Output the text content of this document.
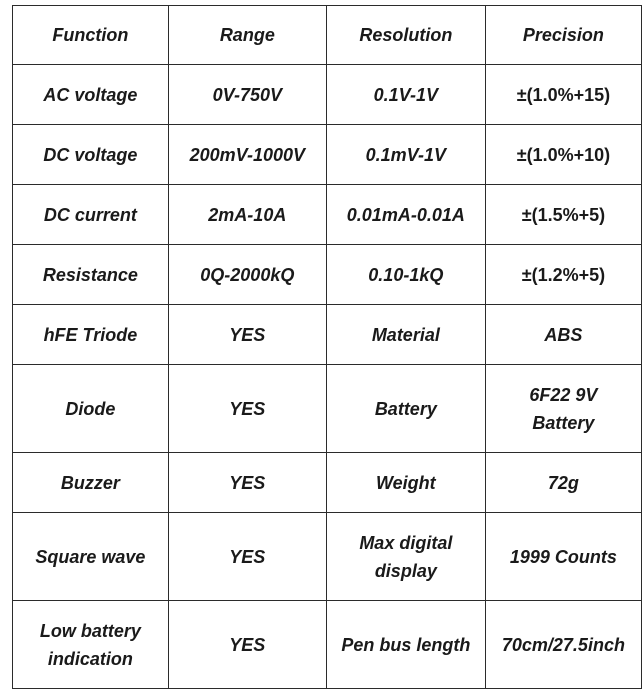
Function	Range	Resolution	Precision
AC voltage	0V-750V	0.1V-1V	±(1.0%+15)
DC voltage	200mV-1000V	0.1mV-1V	±(1.0%+10)
DC current	2mA-10A	0.01mA-0.01A	±(1.5%+5)
Resistance	0Q-2000kQ	0.10-1kQ	±(1.2%+5)
hFE Triode	YES	Material	ABS
Diode	YES	Battery	6F22 9V Battery
Buzzer	YES	Weight	72g
Square wave	YES	Max digital display	1999 Counts
Low battery indication	YES	Pen bus length	70cm/27.5inch
